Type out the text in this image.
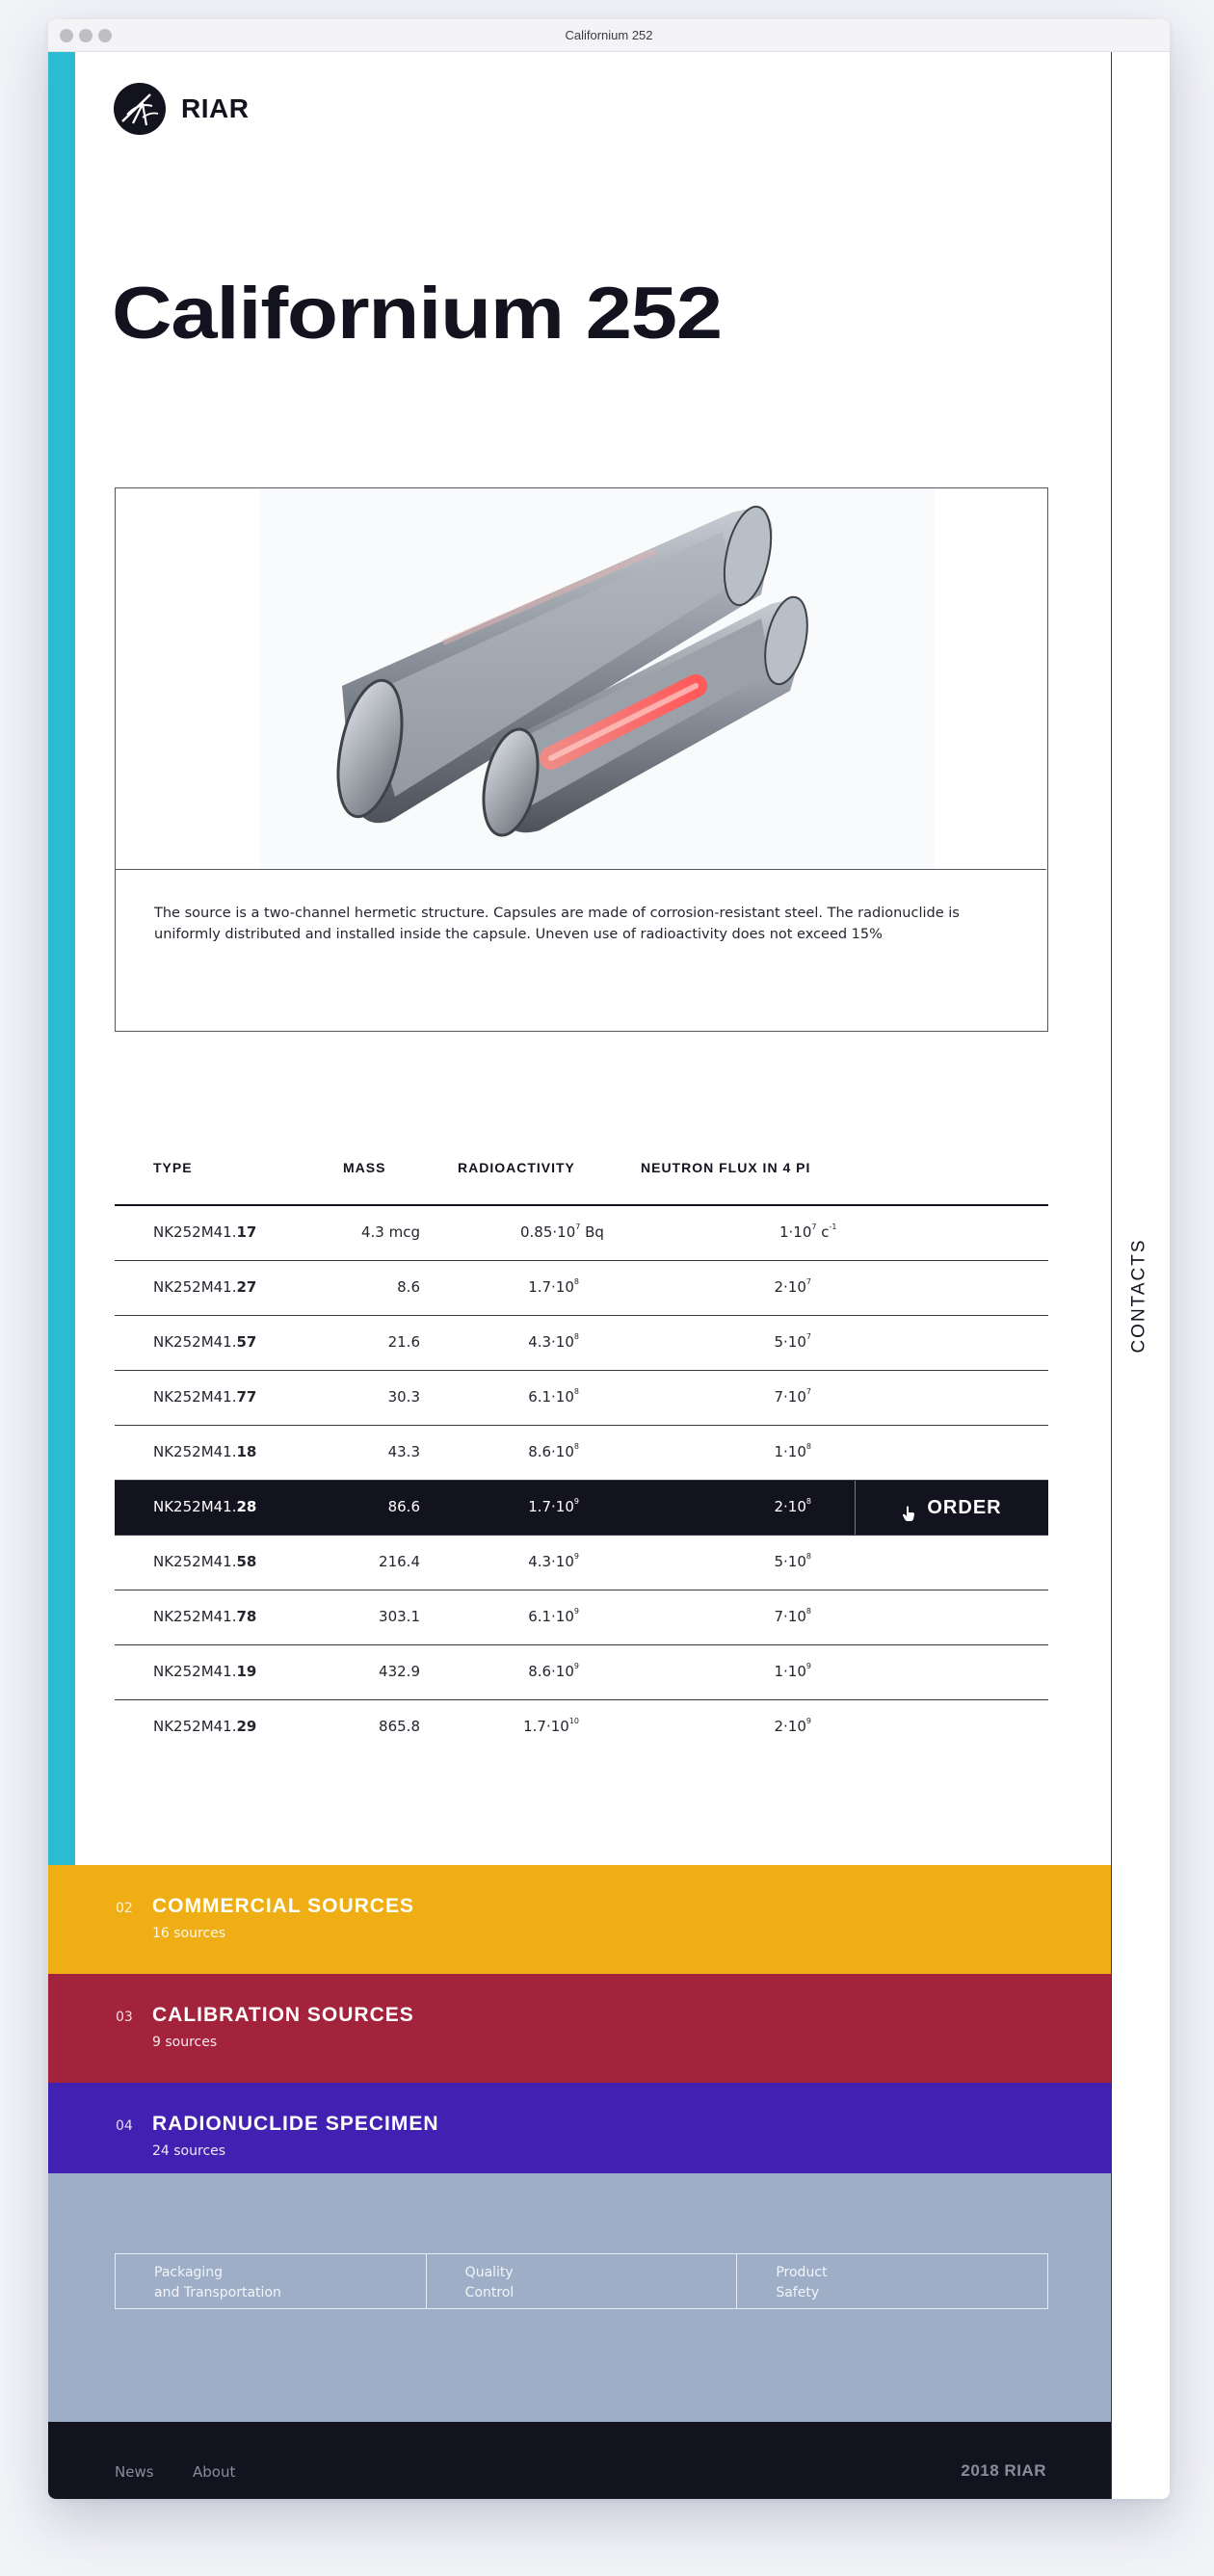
Californium 252
RIAR
Californium 252

The source is a two-channel hermetic structure. Capsules are made of corrosion-resistant steel. The radionuclide is uniformly distributed and installed inside the capsule. Uneven use of radioactivity does not exceed 15%

TYPE	MASS	RADIOACTIVITY	NEUTRON FLUX IN 4 PI
NK252M41.17	4.3 mcg	$0.85\cdot 10^7$ Bq	$1\cdot 10^7$ $c^{-1}$
NK252M41.27	8.6	$1.7\cdot 10^8$	$2\cdot 10^7$
NK252M41.57	21.6	$4.3\cdot 10^8$	$5\cdot 10^7$
NK252M41.77	30.3	$6.1\cdot 10^8$	$7\cdot 10^7$
NK252M41.18	43.3	$8.6\cdot 10^8$	$1\cdot 10^8$
NK252M41.28	86.6	$1.7\cdot 10^9$	$2\cdot 10^8$	ORDER
NK252M41.58	216.4	$4.3\cdot 10^9$	$5\cdot 10^8$
NK252M41.78	303.1	$6.1\cdot 10^9$	$7\cdot 10^8$
NK252M41.19	432.9	$8.6\cdot 10^9$	$1\cdot 10^9$
NK252M41.29	865.8	$1.7\cdot 10^{10}$	$2\cdot 10^9$
02 COMMERCIAL SOURCES
16 sources
03 CALIBRATION SOURCES
9 sources
04 RADIONUCLIDE SPECIMEN
24 sources
Packaging
and Transportation
Quality
Control
Product
Safety
News	About	2018 RIAR
CONTACTS
